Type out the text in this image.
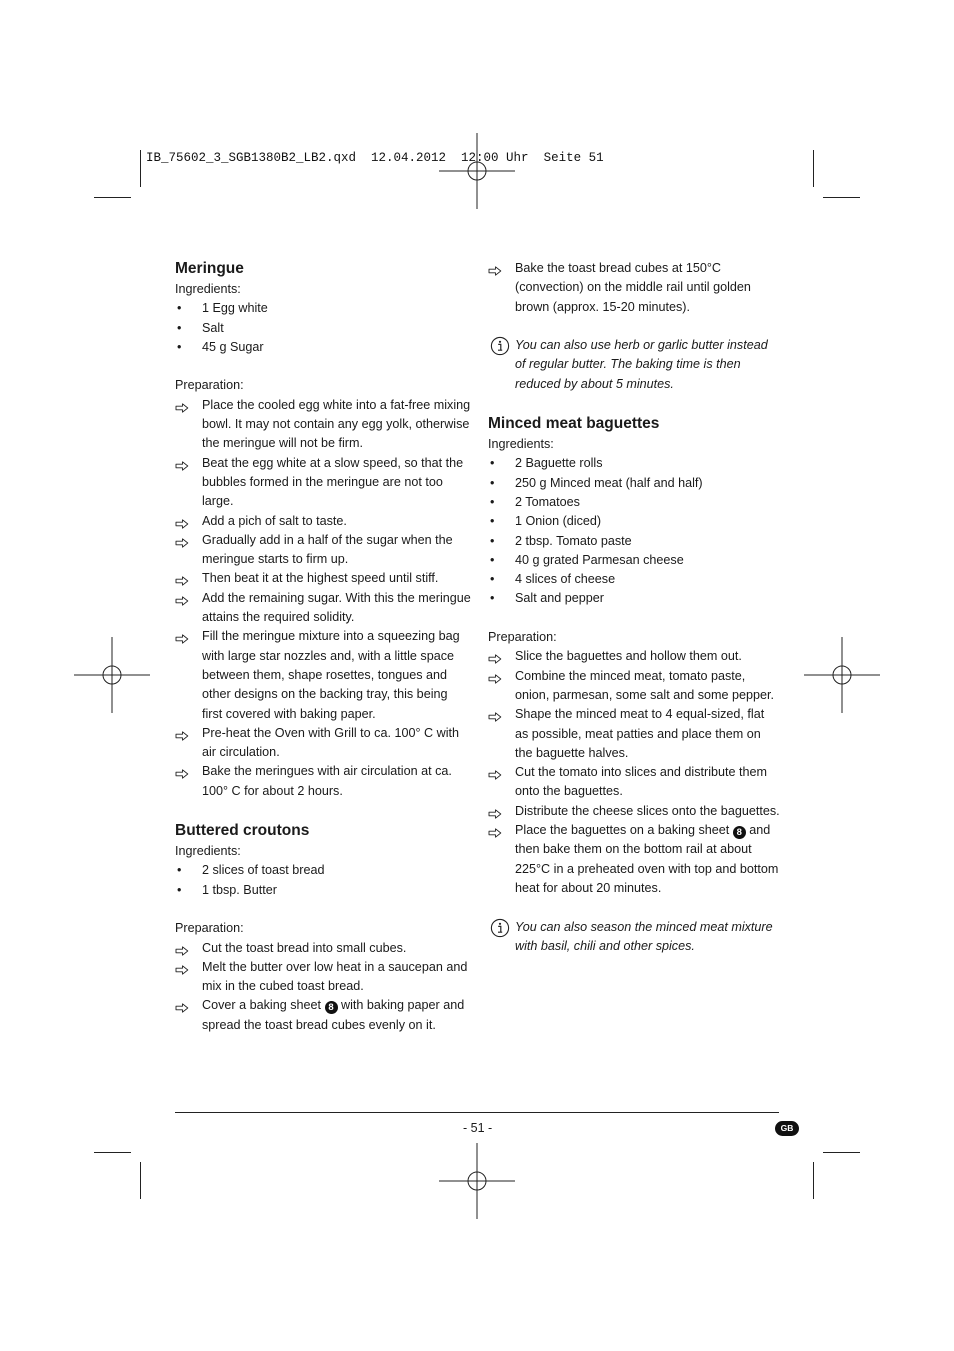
IB_75602_3_SGB1380B2_LB2.qxd  12.04.2012  12:00 Uhr  Seite 51
Meringue

Ingredients:

• 1 Egg white
• Salt
• 45 g Sugar

Preparation:

Place the cooled egg white into a fat-free mixing bowl. It may not contain any egg yolk, otherwise the meringue will not be firm.
Beat the egg white at a slow speed, so that the bubbles formed in the meringue are not too large.
Add a pich of salt to taste.
Gradually add in a half of the sugar when the meringue starts to firm up.
Then beat it at the highest speed until stiff.
Add the remaining sugar. With this the meringue attains the required solidity.
Fill the meringue mixture into a squeezing bag with large star nozzles and, with a little space between them, shape rosettes, tongues and other designs on the backing tray, this being first covered with baking paper.
Pre-heat the Oven with Grill to ca. 100° C with air circulation.
Bake the meringues with air circulation at ca. 100° C for about 2 hours.
Buttered croutons

Ingredients:

• 2 slices of toast bread
• 1 tbsp. Butter

Preparation:

Cut the toast bread into small cubes.
Melt the butter over low heat in a saucepan and mix in the cubed toast bread.
Cover a baking sheet 8 with baking paper and spread the toast bread cubes evenly on it.
Bake the toast bread cubes at 150°C (convection) on the middle rail until golden brown (approx. 15-20 minutes).
You can also use herb or garlic butter instead of regular butter. The baking time is then reduced by about 5 minutes.
Minced meat baguettes

Ingredients:

• 2 Baguette rolls
• 250 g Minced meat (half and half)
• 2 Tomatoes
• 1 Onion (diced)
• 2 tbsp. Tomato paste
• 40 g grated Parmesan cheese
• 4 slices of cheese
• Salt and pepper

Preparation:

Slice the baguettes and hollow them out.
Combine the minced meat, tomato paste, onion, parmesan, some salt and some pepper.
Shape the minced meat to 4 equal-sized, flat as possible, meat patties and place them on the baguette halves.
Cut the tomato into slices and distribute them onto the baguettes.
Distribute the cheese slices onto the baguettes.
Place the baguettes on a baking sheet 8 and then bake them on the bottom rail at about 225°C in a preheated oven with top and bottom heat for about 20 minutes.
You can also season the minced meat mixture with basil, chili and other spices.
- 51 -	GB
